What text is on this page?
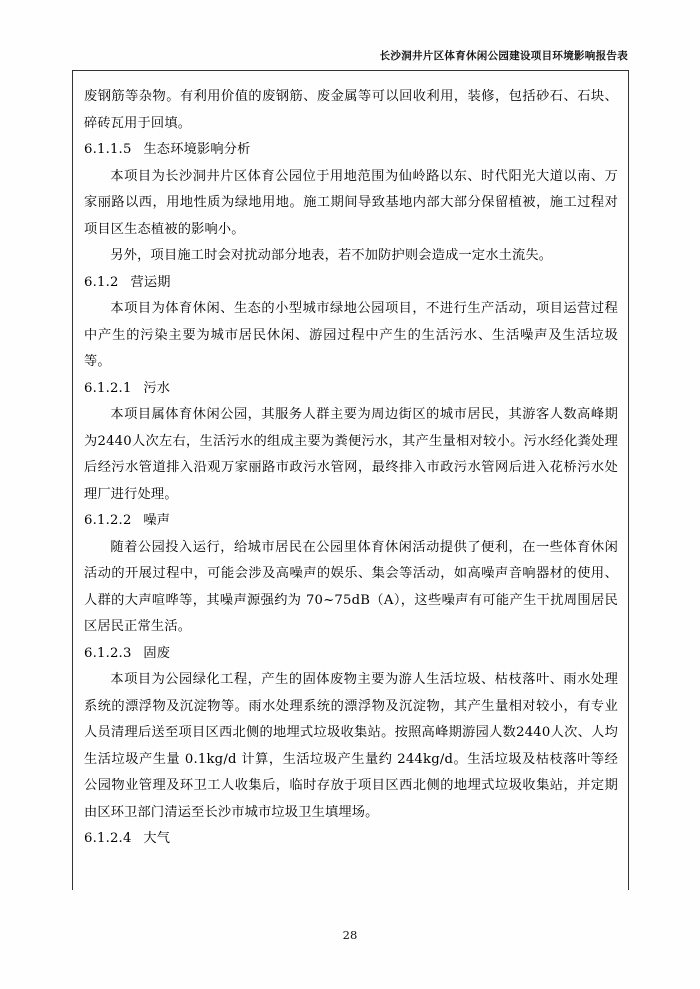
长沙洞井片区体育休闲公园建设项目环境影响报告表

废钢筋等杂物。有利用价值的废钢筋、废金属等可以回收利用，装修，包括砂石、石块、碎砖瓦用于回填。

6.1.1.5 生态环境影响分析

本项目为长沙洞井片区体育公园位于用地范围为仙岭路以东、时代阳光大道以南、万家丽路以西，用地性质为绿地用地。施工期间导致基地内部大部分保留植被，施工过程对项目区生态植被的影响小。

另外，项目施工时会对扰动部分地表，若不加防护则会造成一定水土流失。

6.1.2 营运期

本项目为体育休闲、生态的小型城市绿地公园项目，不进行生产活动，项目运营过程中产生的污染主要为城市居民休闲、游园过程中产生的生活污水、生活噪声及生活垃圾等。

6.1.2.1 污水

本项目属体育休闲公园，其服务人群主要为周边街区的城市居民，其游客人数高峰期为2440人次左右，生活污水的组成主要为粪便污水，其产生量相对较小。污水经化粪处理后经污水管道排入沿观万家丽路市政污水管网，最终排入市政污水管网后进入花桥污水处理厂进行处理。

6.1.2.2 噪声

随着公园投入运行，给城市居民在公园里体育休闲活动提供了便利，在一些体育休闲活动的开展过程中，可能会涉及高噪声的娱乐、集会等活动，如高噪声音响器材的使用、人群的大声喧哗等，其噪声源强约为 70~75dB（A），这些噪声有可能产生干扰周围居民区居民正常生活。

6.1.2.3 固废

本项目为公园绿化工程，产生的固体废物主要为游人生活垃圾、枯枝落叶、雨水处理系统的漂浮物及沉淀物等。雨水处理系统的漂浮物及沉淀物，其产生量相对较小，有专业人员清理后送至项目区西北侧的地埋式垃圾收集站。按照高峰期游园人数2440人次、人均生活垃圾产生量 0.1kg/d 计算，生活垃圾产生量约 244kg/d。生活垃圾及枯枝落叶等经公园物业管理及环卫工人收集后，临时存放于项目区西北侧的地埋式垃圾收集站，并定期由区环卫部门清运至长沙市城市垃圾卫生填埋场。

6.1.2.4 大气

28
